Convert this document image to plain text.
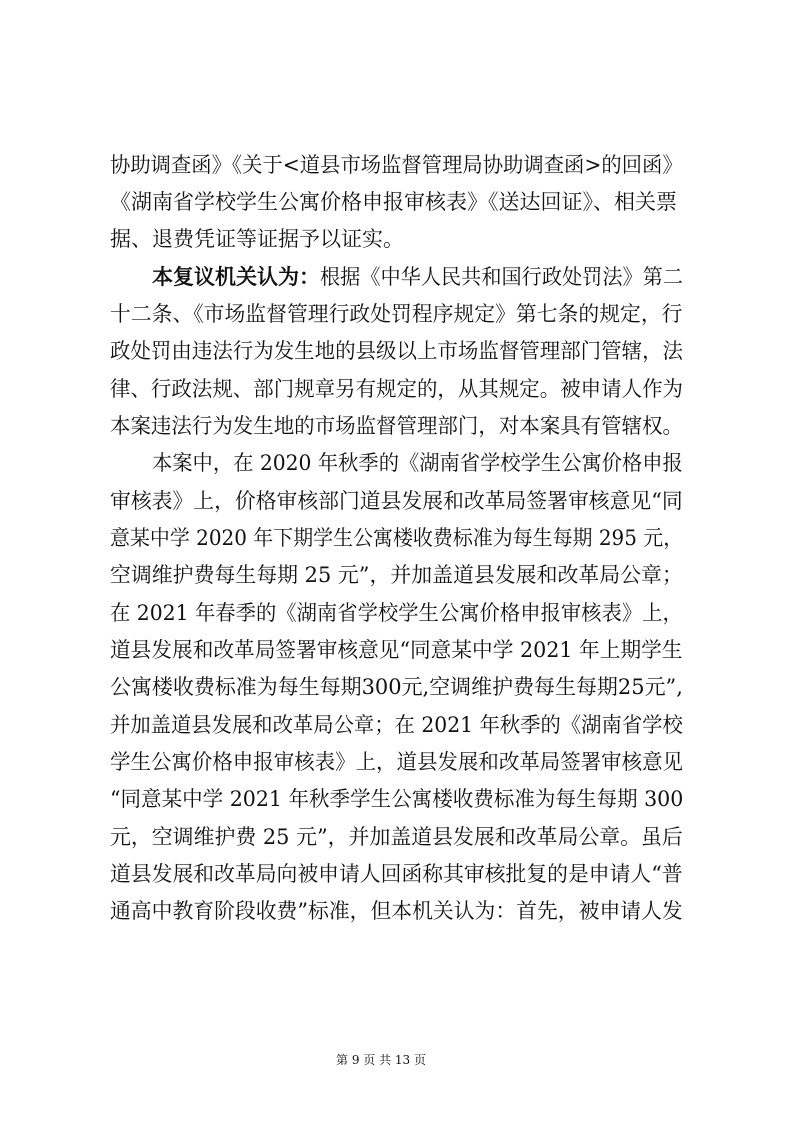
协助调查函》《关于<道县市场监督管理局协助调查函>的回函》
《湖南省学校学生公寓价格申报审核表》《送达回证》、相关票
据、退费凭证等证据予以证实。
本复议机关认为： 根据《中华人民共和国行政处罚法》第二
十二条、《市场监督管理行政处罚程序规定》第七条的规定，行
政处罚由违法行为发生地的县级以上市场监督管理部门管辖，法
律、行政法规、部门规章另有规定的，从其规定。被申请人作为
本案违法行为发生地的市场监督管理部门，对本案具有管辖权。
本案中，在 2020 年秋季的《湖南省学校学生公寓价格申报
审核表》上，价格审核部门道县发展和改革局签署审核意见“同
意某中学 2020 年下期学生公寓楼收费标准为每生每期 295 元，
空调维护费每生每期 25 元”，并加盖道县发展和改革局公章；
在 2021 年春季的《湖南省学校学生公寓价格申报审核表》上，
道县发展和改革局签署审核意见“同意某中学 2021 年上期学生
公寓楼收费标准为每生每期300元,空调维护费每生每期25元”,
并加盖道县发展和改革局公章；在 2021 年秋季的《湖南省学校
学生公寓价格申报审核表》上，道县发展和改革局签署审核意见
“同意某中学 2021 年秋季学生公寓楼收费标准为每生每期 300
元，空调维护费 25 元”，并加盖道县发展和改革局公章。虽后
道县发展和改革局向被申请人回函称其审核批复的是申请人“普
通高中教育阶段收费”标准，但本机关认为：首先，被申请人发
第 9 页 共 13 页
